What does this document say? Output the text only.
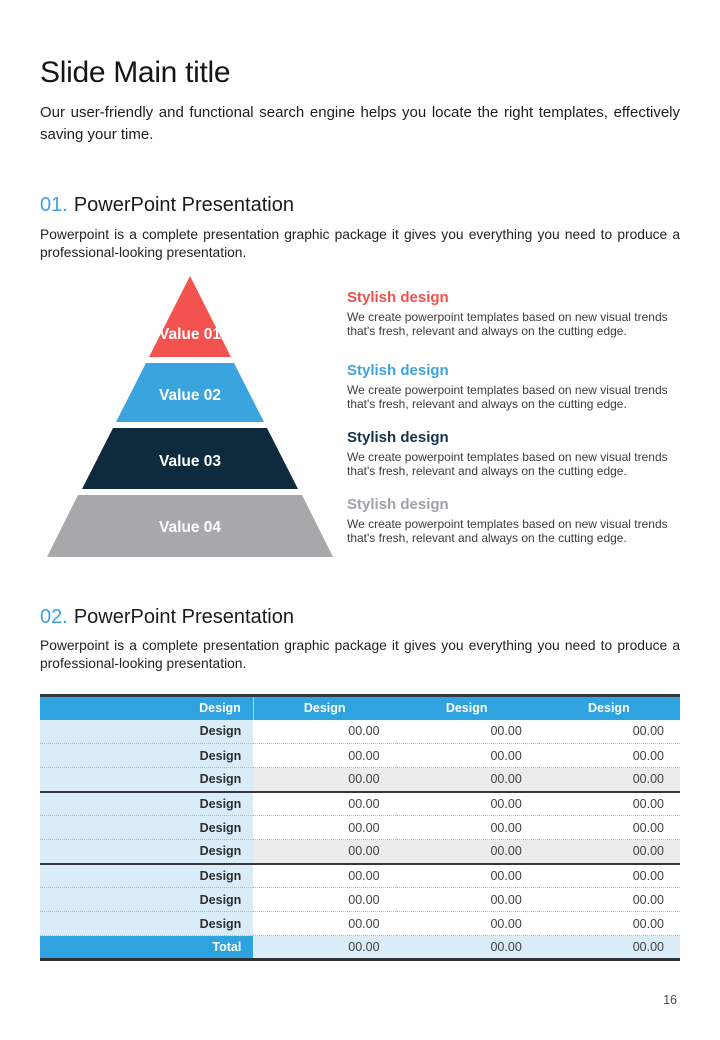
Slide Main title

Our user-friendly and functional search engine helps you locate the right templates, effectively saving your time.

01. PowerPoint Presentation

Powerpoint is a complete presentation graphic package it gives you everything you need to produce a professional-looking presentation.

Value 01
Value 02
Value 03
Value 04
Stylish design

We create powerpoint templates based on new visual trends that's fresh, relevant and always on the cutting edge.

Stylish design

We create powerpoint templates based on new visual trends that's fresh, relevant and always on the cutting edge.

Stylish design

We create powerpoint templates based on new visual trends that's fresh, relevant and always on the cutting edge.

Stylish design

We create powerpoint templates based on new visual trends that's fresh, relevant and always on the cutting edge.

02. PowerPoint Presentation

Powerpoint is a complete presentation graphic package it gives you everything you need to produce a professional-looking presentation.

Design	Design	Design	Design
Design	00.00	00.00	00.00
Design	00.00	00.00	00.00
Design	00.00	00.00	00.00
Design	00.00	00.00	00.00
Design	00.00	00.00	00.00
Design	00.00	00.00	00.00
Design	00.00	00.00	00.00
Design	00.00	00.00	00.00
Design	00.00	00.00	00.00
Total	00.00	00.00	00.00
16
